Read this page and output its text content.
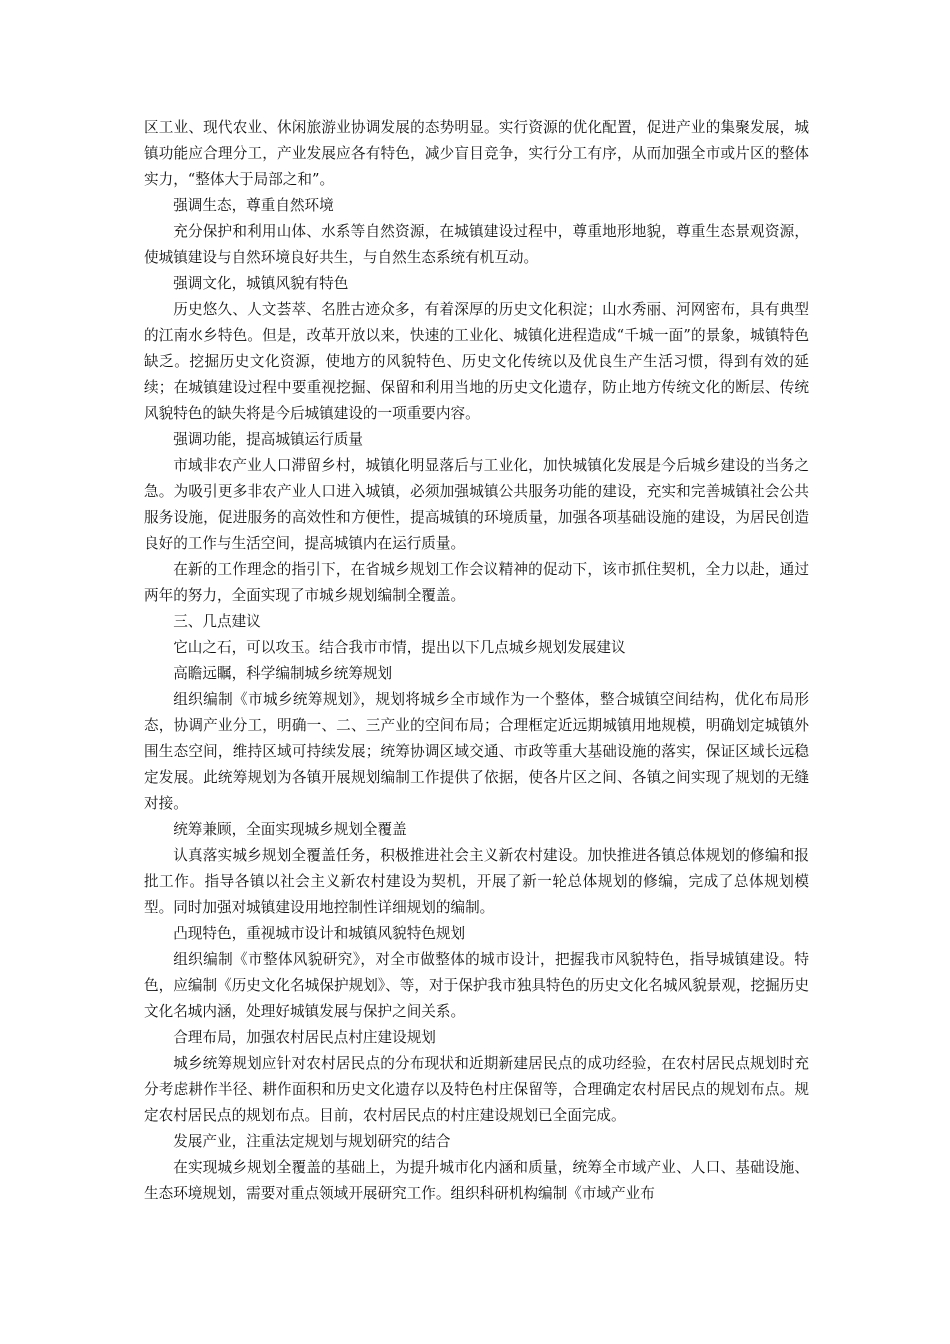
区工业、现代农业、休闲旅游业协调发展的态势明显。实行资源的优化配置，促进产业的集聚发展，城镇功能应合理分工，产业发展应各有特色，减少盲目竞争，实行分工有序，从而加强全市或片区的整体实力，“整体大于局部之和”。

强调生态，尊重自然环境

充分保护和利用山体、水系等自然资源，在城镇建设过程中，尊重地形地貌，尊重生态景观资源，使城镇建设与自然环境良好共生，与自然生态系统有机互动。

强调文化，城镇风貌有特色

历史悠久、人文荟萃、名胜古迹众多，有着深厚的历史文化积淀；山水秀丽、河网密布，具有典型的江南水乡特色。但是，改革开放以来，快速的工业化、城镇化进程造成“千城一面”的景象，城镇特色缺乏。挖掘历史文化资源，使地方的风貌特色、历史文化传统以及优良生产生活习惯，得到有效的延续；在城镇建设过程中要重视挖掘、保留和利用当地的历史文化遗存，防止地方传统文化的断层、传统风貌特色的缺失将是今后城镇建设的一项重要内容。

强调功能，提高城镇运行质量

市域非农产业人口滞留乡村，城镇化明显落后与工业化，加快城镇化发展是今后城乡建设的当务之急。为吸引更多非农产业人口进入城镇，必须加强城镇公共服务功能的建设，充实和完善城镇社会公共服务设施，促进服务的高效性和方便性，提高城镇的环境质量，加强各项基础设施的建设，为居民创造良好的工作与生活空间，提高城镇内在运行质量。

在新的工作理念的指引下，在省城乡规划工作会议精神的促动下，该市抓住契机，全力以赴，通过两年的努力，全面实现了市城乡规划编制全覆盖。

三、几点建议

它山之石，可以攻玉。结合我市市情，提出以下几点城乡规划发展建议

高瞻远瞩，科学编制城乡统筹规划

组织编制《市城乡统筹规划》，规划将城乡全市域作为一个整体，整合城镇空间结构，优化布局形态，协调产业分工，明确一、二、三产业的空间布局；合理框定近远期城镇用地规模，明确划定城镇外围生态空间，维持区域可持续发展；统筹协调区域交通、市政等重大基础设施的落实，保证区域长远稳定发展。此统筹规划为各镇开展规划编制工作提供了依据，使各片区之间、各镇之间实现了规划的无缝对接。

统筹兼顾，全面实现城乡规划全覆盖

认真落实城乡规划全覆盖任务，积极推进社会主义新农村建设。加快推进各镇总体规划的修编和报批工作。指导各镇以社会主义新农村建设为契机，开展了新一轮总体规划的修编，完成了总体规划模型。同时加强对城镇建设用地控制性详细规划的编制。

凸现特色，重视城市设计和城镇风貌特色规划

组织编制《市整体风貌研究》，对全市做整体的城市设计，把握我市风貌特色，指导城镇建设。特色，应编制《历史文化名城保护规划》、等，对于保护我市独具特色的历史文化名城风貌景观，挖掘历史文化名城内涵，处理好城镇发展与保护之间关系。

合理布局，加强农村居民点村庄建设规划

城乡统筹规划应针对农村居民点的分布现状和近期新建居民点的成功经验，在农村居民点规划时充分考虑耕作半径、耕作面积和历史文化遗存以及特色村庄保留等，合理确定农村居民点的规划布点。规定农村居民点的规划布点。目前，农村居民点的村庄建设规划已全面完成。

发展产业，注重法定规划与规划研究的结合

在实现城乡规划全覆盖的基础上，为提升城市化内涵和质量，统筹全市域产业、人口、基础设施、生态环境规划，需要对重点领域开展研究工作。组织科研机构编制《市域产业布
